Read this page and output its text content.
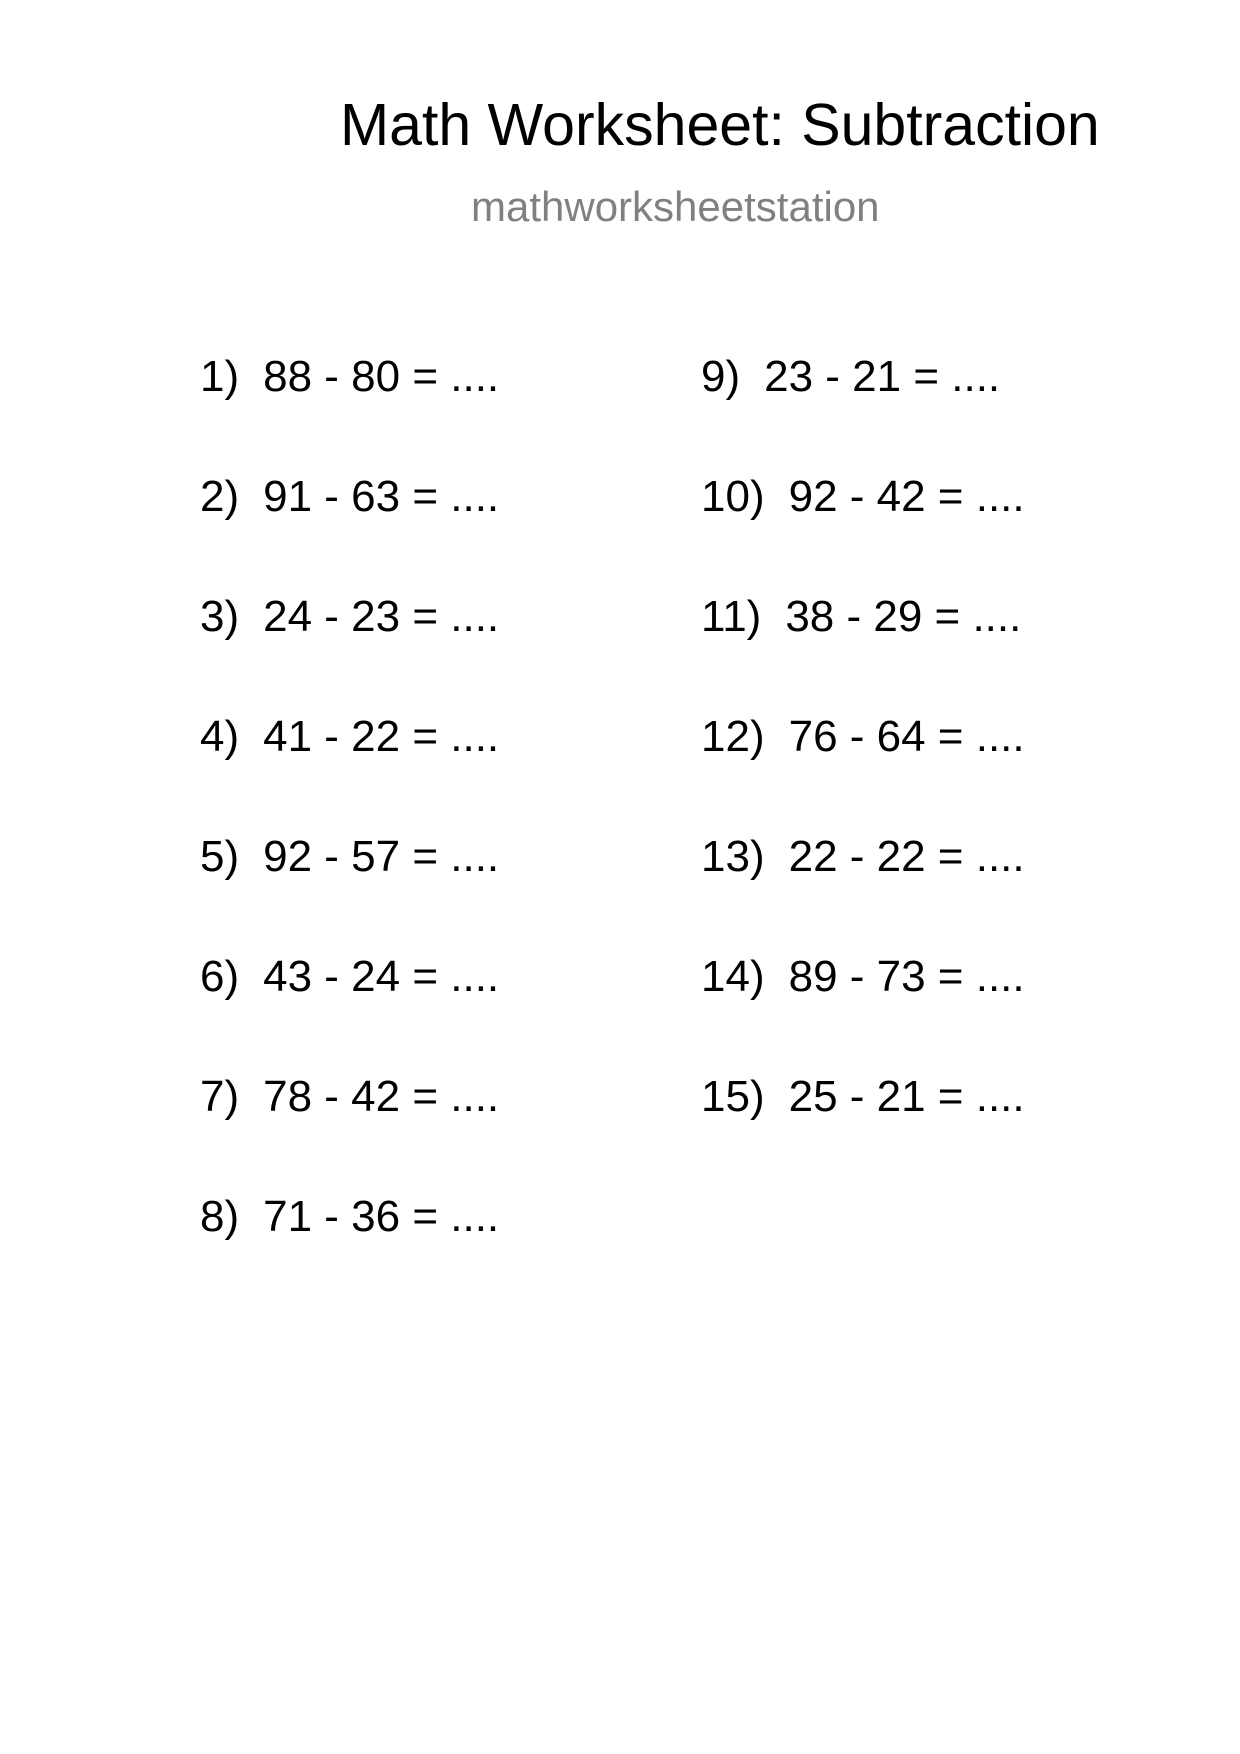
Math Worksheet: Subtraction
mathworksheetstation
1) 88 - 80 = ....
2) 91 - 63 = ....
3) 24 - 23 = ....
4) 41 - 22 = ....
5) 92 - 57 = ....
6) 43 - 24 = ....
7) 78 - 42 = ....
8) 71 - 36 = ....
9) 23 - 21 = ....
10) 92 - 42 = ....
11) 38 - 29 = ....
12) 76 - 64 = ....
13) 22 - 22 = ....
14) 89 - 73 = ....
15) 25 - 21 = ....
